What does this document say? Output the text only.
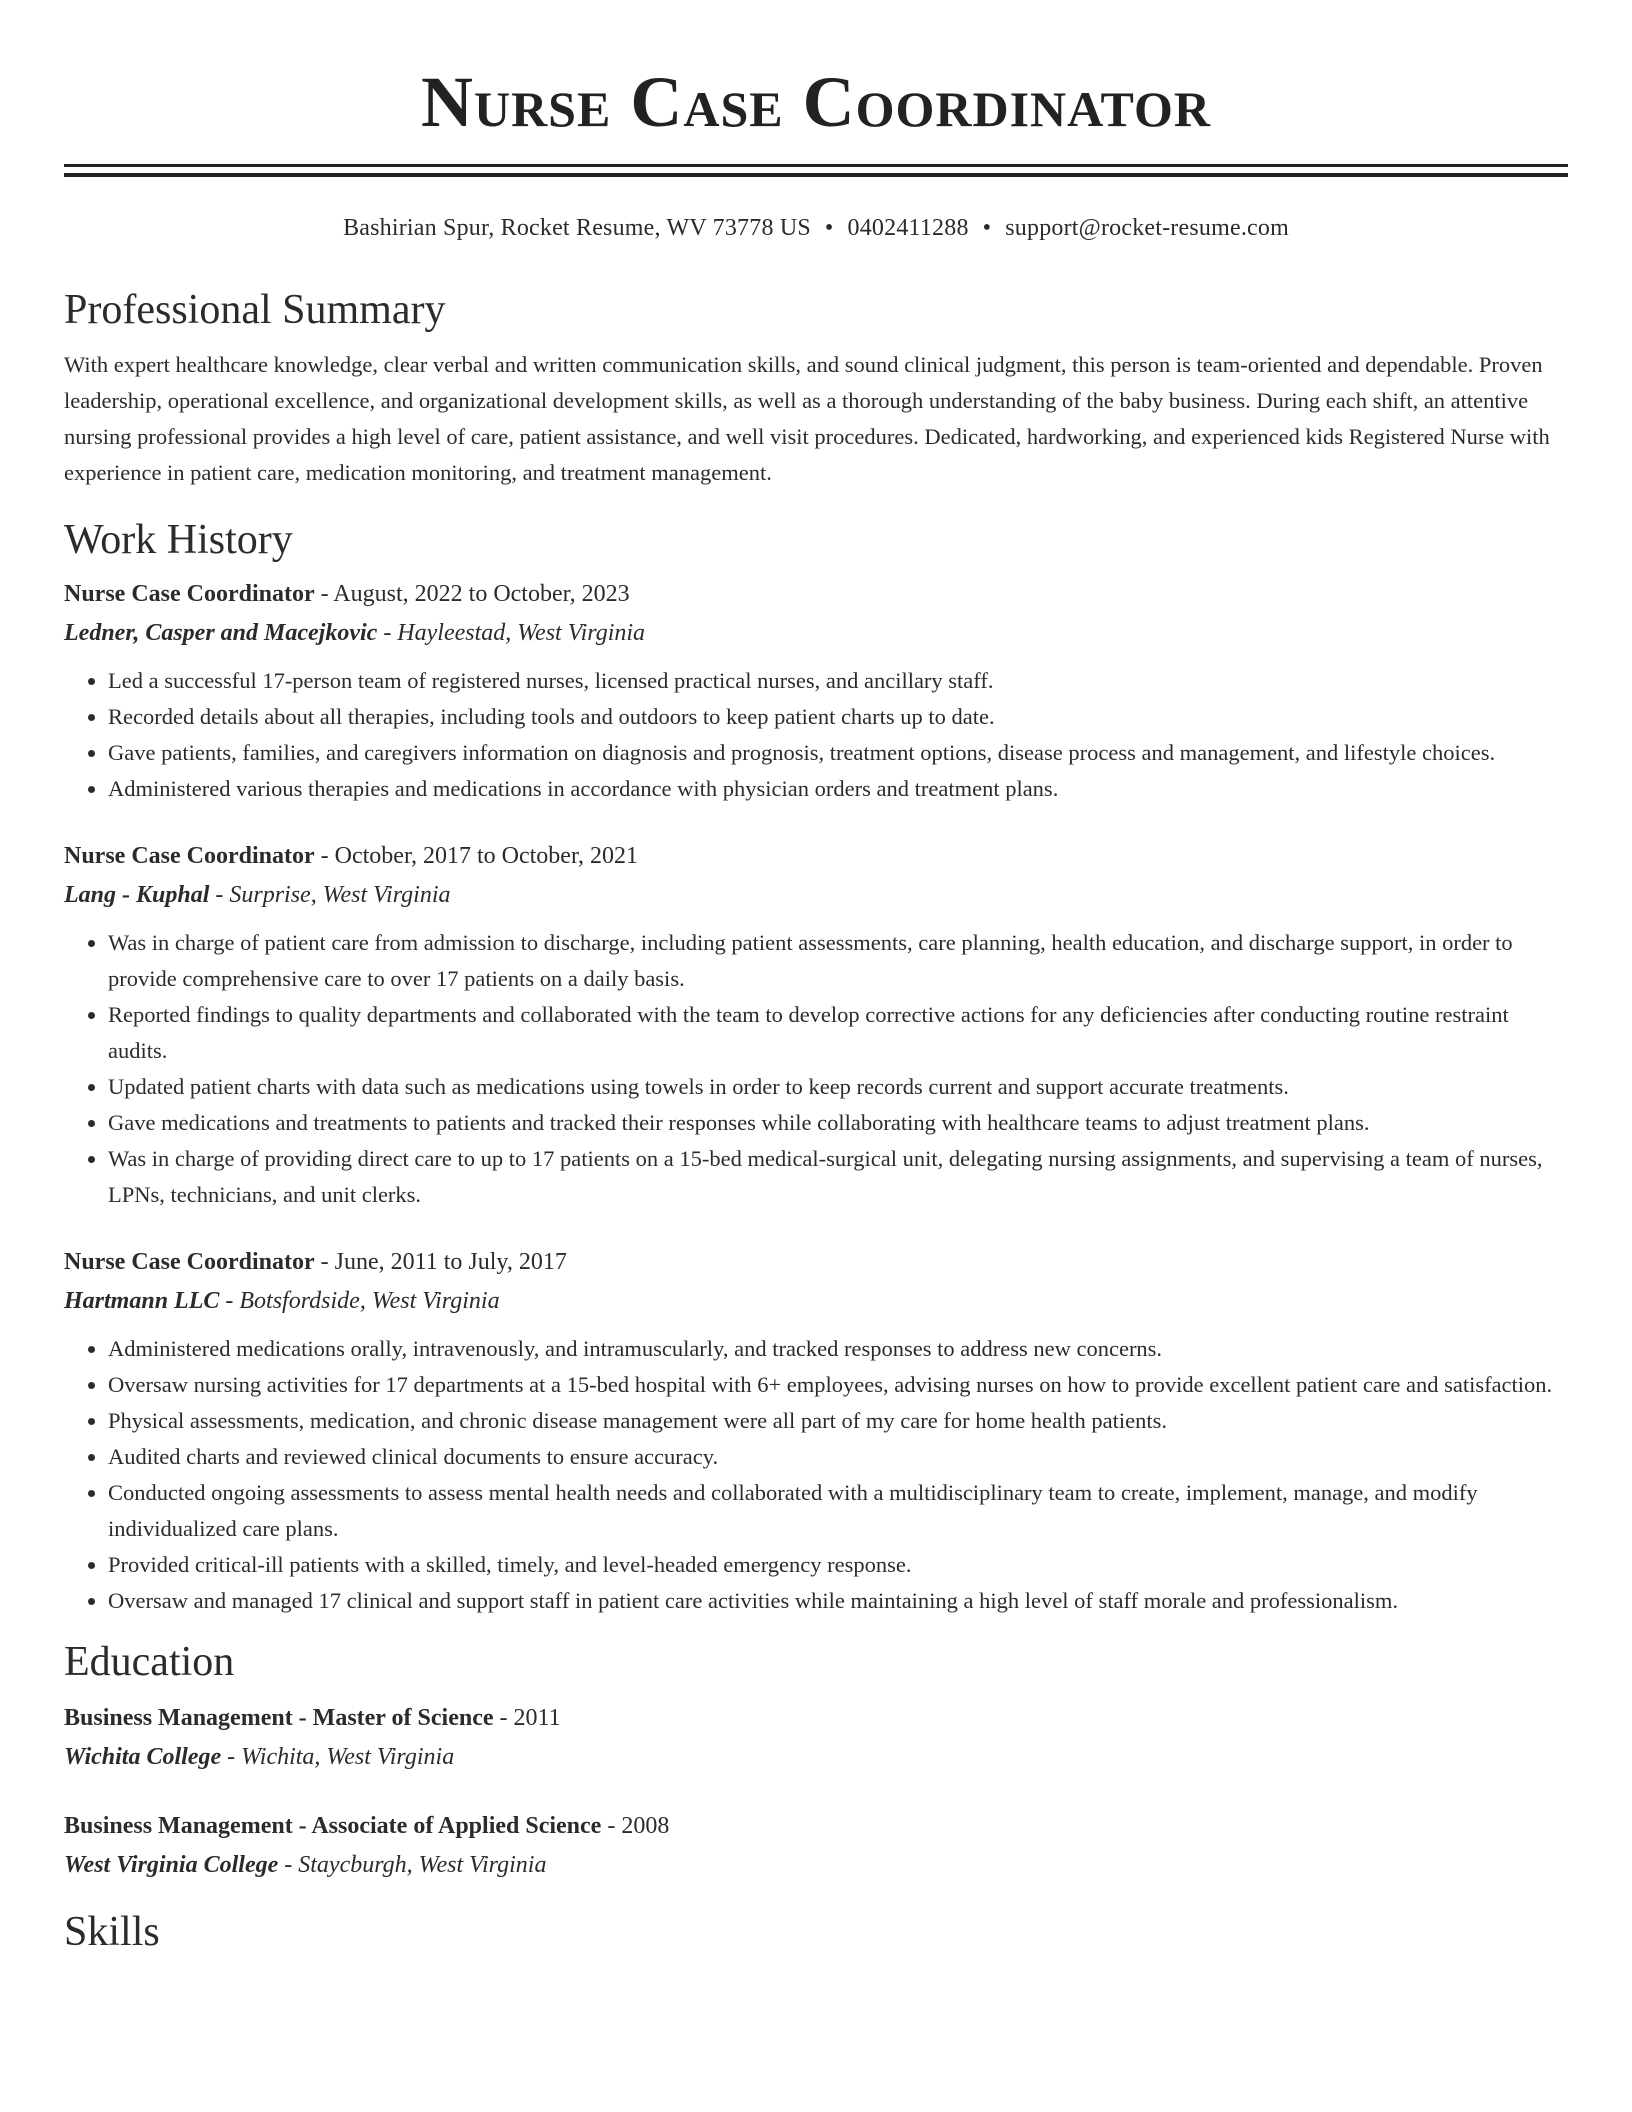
Nurse Case Coordinator
Bashirian Spur, Rocket Resume, WV 73778 US • 0402411288 • support@rocket-resume.com
Professional Summary

With expert healthcare knowledge, clear verbal and written communication skills, and sound clinical judgment, this person is team-oriented and dependable. Proven leadership, operational excellence, and organizational development skills, as well as a thorough understanding of the baby business. During each shift, an attentive nursing professional provides a high level of care, patient assistance, and well visit procedures. Dedicated, hardworking, and experienced kids Registered Nurse with experience in patient care, medication monitoring, and treatment management.

Work History
Nurse Case Coordinator - August, 2022 to October, 2023
Ledner, Casper and Macejkovic - Hayleestad, West Virginia
• Led a successful 17-person team of registered nurses, licensed practical nurses, and ancillary staff.
• Recorded details about all therapies, including tools and outdoors to keep patient charts up to date.
• Gave patients, families, and caregivers information on diagnosis and prognosis, treatment options, disease process and management, and lifestyle choices.
• Administered various therapies and medications in accordance with physician orders and treatment plans.
Nurse Case Coordinator - October, 2017 to October, 2021
Lang - Kuphal - Surprise, West Virginia
• Was in charge of patient care from admission to discharge, including patient assessments, care planning, health education, and discharge support, in order to provide comprehensive care to over 17 patients on a daily basis.
• Reported findings to quality departments and collaborated with the team to develop corrective actions for any deficiencies after conducting routine restraint audits.
• Updated patient charts with data such as medications using towels in order to keep records current and support accurate treatments.
• Gave medications and treatments to patients and tracked their responses while collaborating with healthcare teams to adjust treatment plans.
• Was in charge of providing direct care to up to 17 patients on a 15-bed medical-surgical unit, delegating nursing assignments, and supervising a team of nurses, LPNs, technicians, and unit clerks.
Nurse Case Coordinator - June, 2011 to July, 2017
Hartmann LLC - Botsfordside, West Virginia
• Administered medications orally, intravenously, and intramuscularly, and tracked responses to address new concerns.
• Oversaw nursing activities for 17 departments at a 15-bed hospital with 6+ employees, advising nurses on how to provide excellent patient care and satisfaction.
• Physical assessments, medication, and chronic disease management were all part of my care for home health patients.
• Audited charts and reviewed clinical documents to ensure accuracy.
• Conducted ongoing assessments to assess mental health needs and collaborated with a multidisciplinary team to create, implement, manage, and modify individualized care plans.
• Provided critical-ill patients with a skilled, timely, and level-headed emergency response.
• Oversaw and managed 17 clinical and support staff in patient care activities while maintaining a high level of staff morale and professionalism.
Education
Business Management - Master of Science - 2011
Wichita College - Wichita, West Virginia
Business Management - Associate of Applied Science - 2008
West Virginia College - Staycburgh, West Virginia
Skills
